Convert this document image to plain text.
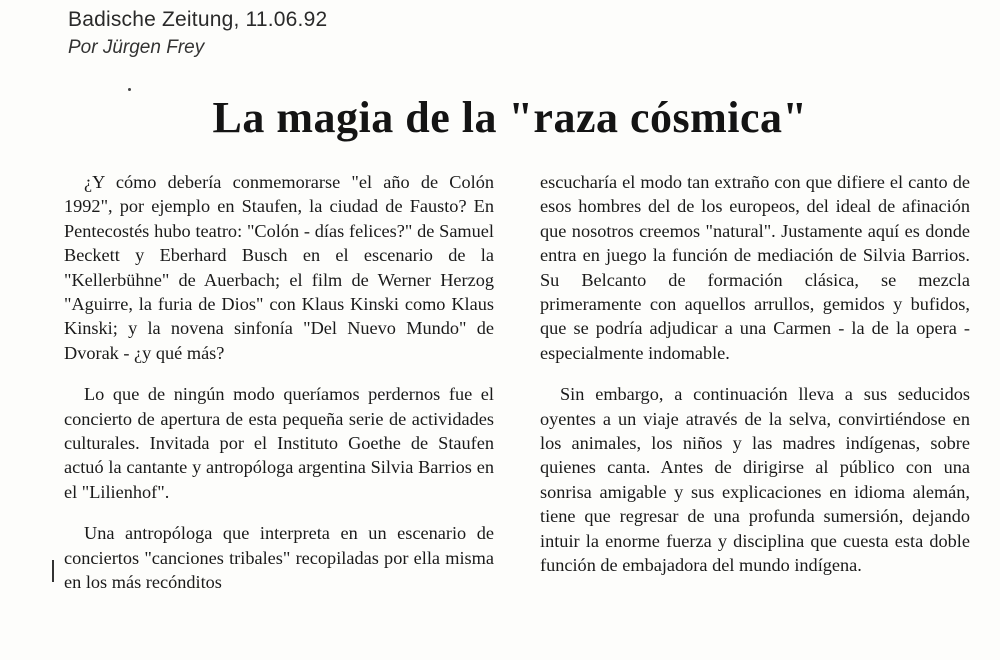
Badische Zeitung, 11.06.92
Por Jürgen Frey
La magia de la "raza cósmica"

¿Y cómo debería conmemorarse "el año de Colón 1992", por ejemplo en Staufen, la ciudad de Fausto? En Pentecostés hubo teatro: "Colón - días felices?" de Samuel Beckett y Eberhard Busch en el escenario de la "Kellerbühne" de Auerbach; el film de Werner Herzog "Aguirre, la furia de Dios" con Klaus Kinski como Klaus Kinski; y la novena sinfonía "Del Nuevo Mundo" de Dvorak - ¿y qué más?

Lo que de ningún modo queríamos perdernos fue el concierto de apertura de esta pequeña serie de actividades culturales. Invitada por el Instituto Goethe de Staufen actuó la cantante y antropóloga argentina Silvia Barrios en el "Lilienhof".

Una antropóloga que interpreta en un escenario de conciertos "canciones tribales" recopiladas por ella misma en los más recónditos

escucharía el modo tan extraño con que difiere el canto de esos hombres del de los europeos, del ideal de afinación que nosotros creemos "natural". Justamente aquí es donde entra en juego la función de mediación de Silvia Barrios. Su Belcanto de formación clásica, se mezcla primeramente con aquellos arrullos, gemidos y bufidos, que se podría adjudicar a una Carmen - la de la opera - especialmente indomable.

Sin embargo, a continuación lleva a sus seducidos oyentes a un viaje através de la selva, convirtiéndose en los animales, los niños y las madres indígenas, sobre quienes canta. Antes de dirigirse al público con una sonrisa amigable y sus explicaciones en idioma alemán, tiene que regresar de una profunda sumersión, dejando intuir la enorme fuerza y disciplina que cuesta esta doble función de embajadora del mundo indígena.
